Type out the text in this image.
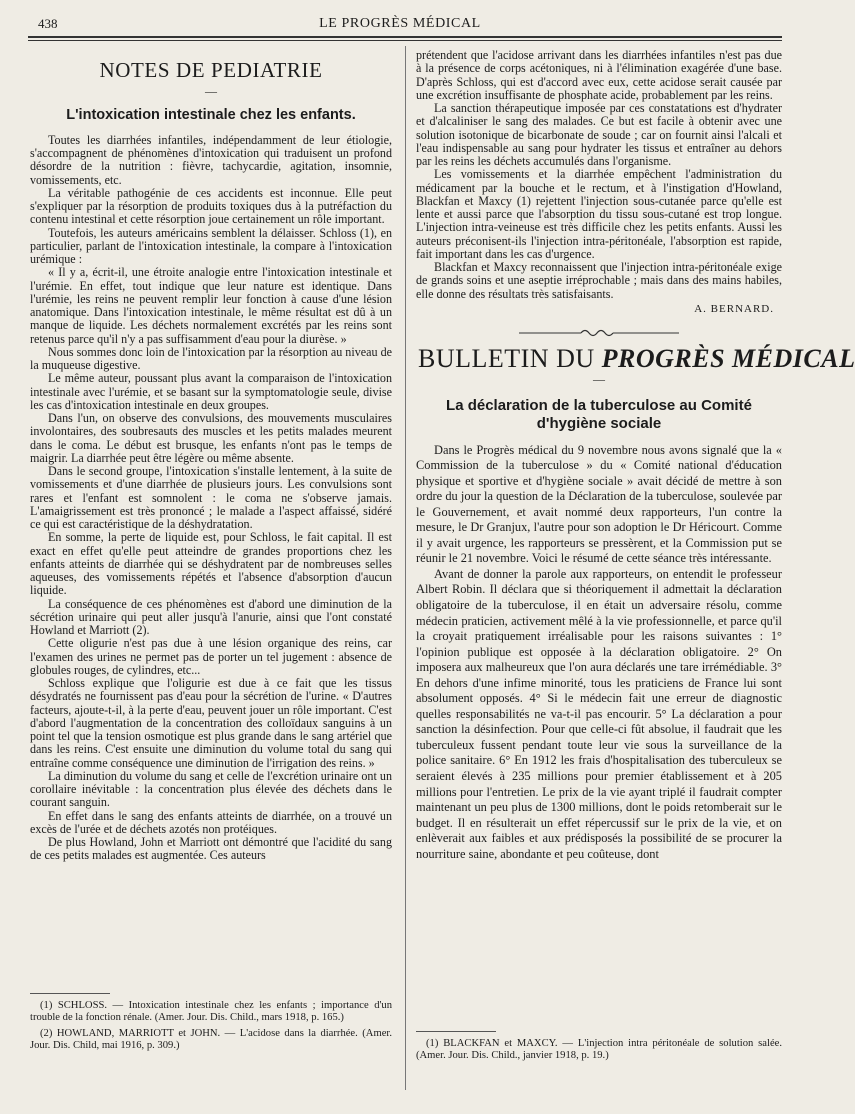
438	LE PROGRÈS MÉDICAL
NOTES DE PEDIATRIE
—
L'intoxication intestinale chez les enfants.

Toutes les diarrhées infantiles, indépendamment de leur étiologie, s'accompagnent de phénomènes d'intoxication qui traduisent un profond désordre de la nutrition : fièvre, tachycardie, agitation, insomnie, vomissements, etc.

La véritable pathogénie de ces accidents est inconnue. Elle peut s'expliquer par la résorption de produits toxiques dus à la putréfaction du contenu intestinal et cette résorption joue certainement un rôle important.

Toutefois, les auteurs américains semblent la délaisser. Schloss (1), en particulier, parlant de l'intoxication intestinale, la compare à l'intoxication urémique :

« Il y a, écrit-il, une étroite analogie entre l'intoxication intestinale et l'urémie. En effet, tout indique que leur nature est identique. Dans l'urémie, les reins ne peuvent remplir leur fonction à cause d'une lésion anatomique. Dans l'intoxication intestinale, le même résultat est dû à un manque de liquide. Les déchets normalement excrétés par les reins sont retenus parce qu'il n'y a pas suffisamment d'eau pour la diurèse. »

Nous sommes donc loin de l'intoxication par la résorption au niveau de la muqueuse digestive.

Le même auteur, poussant plus avant la comparaison de l'intoxication intestinale avec l'urémie, et se basant sur la symptomatologie seule, divise les cas d'intoxication intestinale en deux groupes.

Dans l'un, on observe des convulsions, des mouvements musculaires involontaires, des soubresauts des muscles et les petits malades meurent dans le coma. Le début est brusque, les enfants n'ont pas le temps de maigrir. La diarrhée peut être légère ou même absente.

Dans le second groupe, l'intoxication s'installe lentement, à la suite de vomissements et d'une diarrhée de plusieurs jours. Les convulsions sont rares et l'enfant est somnolent : le coma ne s'observe jamais. L'amaigrissement est très prononcé ; le malade a l'aspect affaissé, sidéré ce qui est caractéristique de la déshydratation.

En somme, la perte de liquide est, pour Schloss, le fait capital. Il est exact en effet qu'elle peut atteindre de grandes proportions chez les enfants atteints de diarrhée qui se déshydratent par de nombreuses selles aqueuses, des vomissements répétés et l'absence d'absorption d'aucun liquide.

La conséquence de ces phénomènes est d'abord une diminution de la sécrétion urinaire qui peut aller jusqu'à l'anurie, ainsi que l'ont constaté Howland et Marriott (2).

Cette oligurie n'est pas due à une lésion organique des reins, car l'examen des urines ne permet pas de porter un tel jugement : absence de globules rouges, de cylindres, etc...

Schloss explique que l'oligurie est due à ce fait que les tissus désydratés ne fournissent pas d'eau pour la sécrétion de l'urine. « D'autres facteurs, ajoute-t-il, à la perte d'eau, peuvent jouer un rôle important. C'est d'abord l'augmentation de la concentration des colloïdaux sanguins à un point tel que la tension osmotique est plus grande dans le sang artériel que dans les reins. C'est ensuite une diminution du volume total du sang qui entraîne comme conséquence une diminution de l'irrigation des reins. »

La diminution du volume du sang et celle de l'excrétion urinaire ont un corollaire inévitable : la concentration plus élevée des déchets dans le courant sanguin.

En effet dans le sang des enfants atteints de diarrhée, on a trouvé un excès de l'urée et de déchets azotés non protéiques.

De plus Howland, John et Marriott ont démontré que l'acidité du sang de ces petits malades est augmentée. Ces auteurs

(1) SCHLOSS. — Intoxication intestinale chez les enfants ; importance d'un trouble de la fonction rénale. (Amer. Jour. Dis. Child., mars 1918, p. 165.)

(2) HOWLAND, MARRIOTT et JOHN. — L'acidose dans la diarrhée. (Amer. Jour. Dis. Child, mai 1916, p. 309.)

prétendent que l'acidose arrivant dans les diarrhées infantiles n'est pas due à la présence de corps acétoniques, ni à l'élimination exagérée d'une base. D'après Schloss, qui est d'accord avec eux, cette acidose serait causée par une excrétion insuffisante de phosphate acide, probablement par les reins.

La sanction thérapeutique imposée par ces constatations est d'hydrater et d'alcaliniser le sang des malades. Ce but est facile à obtenir avec une solution isotonique de bicarbonate de soude ; car on fournit ainsi l'alcali et l'eau indispensable au sang pour hydrater les tissus et entraîner au dehors par les reins les déchets accumulés dans l'organisme.

Les vomissements et la diarrhée empêchent l'administration du médicament par la bouche et le rectum, et à l'instigation d'Howland, Blackfan et Maxcy (1) rejettent l'injection sous-cutanée parce qu'elle est lente et aussi parce que l'absorption du tissu sous-cutané est trop longue. L'injection intra-veineuse est très difficile chez les petits enfants. Aussi les auteurs préconisent-ils l'injection intra-péritonéale, l'absorption est rapide, fait important dans les cas d'urgence.

Blackfan et Maxcy reconnaissent que l'injection intra-péritonéale exige de grands soins et une aseptie irréprochable ; mais dans des mains habiles, elle donne des résultats très satisfaisants.

A. BERNARD.
BULLETIN DU PROGRÈS MÉDICAL
—
La déclaration de la tuberculose au Comité d'hygiène sociale

Dans le Progrès médical du 9 novembre nous avons signalé que la « Commission de la tuberculose » du « Comité national d'éducation physique et sportive et d'hygiène sociale » avait décidé de mettre à son ordre du jour la question de la Déclaration de la tuberculose, soulevée par le Gouvernement, et avait nommé deux rapporteurs, l'un contre la mesure, le Dr Granjux, l'autre pour son adoption le Dr Héricourt. Comme il y avait urgence, les rapporteurs se pressèrent, et la Commission put se réunir le 21 novembre. Voici le résumé de cette séance très intéressante.

Avant de donner la parole aux rapporteurs, on entendit le professeur Albert Robin. Il déclara que si théoriquement il admettait la déclaration obligatoire de la tuberculose, il en était un adversaire résolu, comme médecin praticien, activement mêlé à la vie professionnelle, et parce qu'il la croyait pratiquement irréalisable pour les raisons suivantes : 1° l'opinion publique est opposée à la déclaration obligatoire. 2° On imposera aux malheureux que l'on aura déclarés une tare irrémédiable. 3° En dehors d'une infime minorité, tous les praticiens de France lui sont absolument opposés. 4° Si le médecin fait une erreur de diagnostic quelles responsabilités ne va-t-il pas encourir. 5° La déclaration a pour sanction la désinfection. Pour que celle-ci fût absolue, il faudrait que les tuberculeux fussent pendant toute leur vie sous la surveillance de la police sanitaire. 6° En 1912 les frais d'hospitalisation des tuberculeux se seraient élevés à 235 millions pour premier établissement et à 205 millions pour l'entretien. Le prix de la vie ayant triplé il faudrait compter maintenant un peu plus de 1300 millions, dont le poids retomberait sur le budget. Il en résulterait un effet répercussif sur le prix de la vie, et on enlèverait aux faibles et aux prédisposés la possibilité de se procurer la nourriture saine, abondante et peu coûteuse, dont

(1) BLACKFAN et MAXCY. — L'injection intra péritonéale de solution salée. (Amer. Jour. Dis. Child., janvier 1918, p. 19.)
